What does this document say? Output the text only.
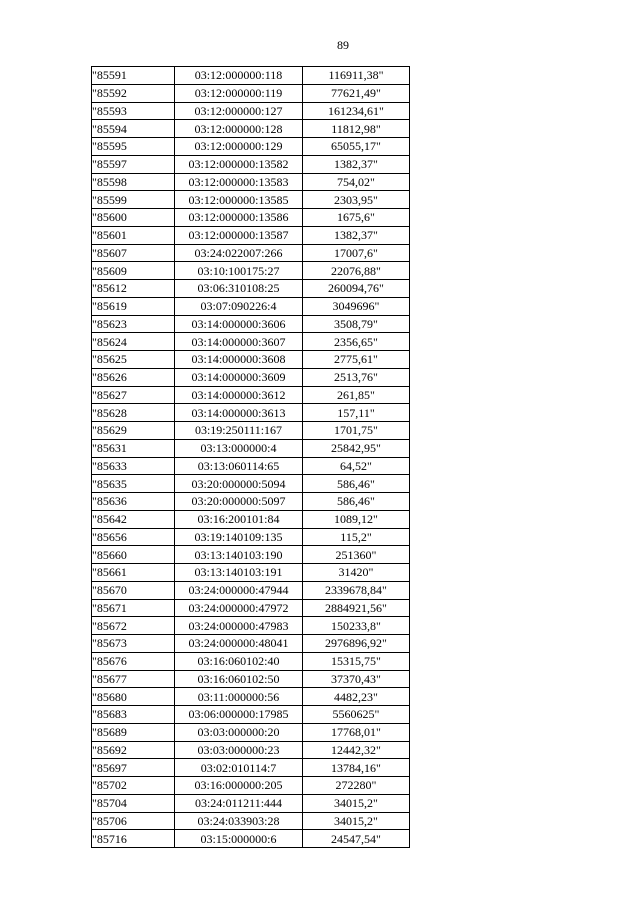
89
"85591	03:12:000000:118	116911,38"
"85592	03:12:000000:119	77621,49"
"85593	03:12:000000:127	161234,61"
"85594	03:12:000000:128	11812,98"
"85595	03:12:000000:129	65055,17"
"85597	03:12:000000:13582	1382,37"
"85598	03:12:000000:13583	754,02"
"85599	03:12:000000:13585	2303,95"
"85600	03:12:000000:13586	1675,6"
"85601	03:12:000000:13587	1382,37"
"85607	03:24:022007:266	17007,6"
"85609	03:10:100175:27	22076,88"
"85612	03:06:310108:25	260094,76"
"85619	03:07:090226:4	3049696"
"85623	03:14:000000:3606	3508,79"
"85624	03:14:000000:3607	2356,65"
"85625	03:14:000000:3608	2775,61"
"85626	03:14:000000:3609	2513,76"
"85627	03:14:000000:3612	261,85"
"85628	03:14:000000:3613	157,11"
"85629	03:19:250111:167	1701,75"
"85631	03:13:000000:4	25842,95"
"85633	03:13:060114:65	64,52"
"85635	03:20:000000:5094	586,46"
"85636	03:20:000000:5097	586,46"
"85642	03:16:200101:84	1089,12"
"85656	03:19:140109:135	115,2"
"85660	03:13:140103:190	251360"
"85661	03:13:140103:191	31420"
"85670	03:24:000000:47944	2339678,84"
"85671	03:24:000000:47972	2884921,56"
"85672	03:24:000000:47983	150233,8"
"85673	03:24:000000:48041	2976896,92"
"85676	03:16:060102:40	15315,75"
"85677	03:16:060102:50	37370,43"
"85680	03:11:000000:56	4482,23"
"85683	03:06:000000:17985	5560625"
"85689	03:03:000000:20	17768,01"
"85692	03:03:000000:23	12442,32"
"85697	03:02:010114:7	13784,16"
"85702	03:16:000000:205	272280"
"85704	03:24:011211:444	34015,2"
"85706	03:24:033903:28	34015,2"
"85716	03:15:000000:6	24547,54"
